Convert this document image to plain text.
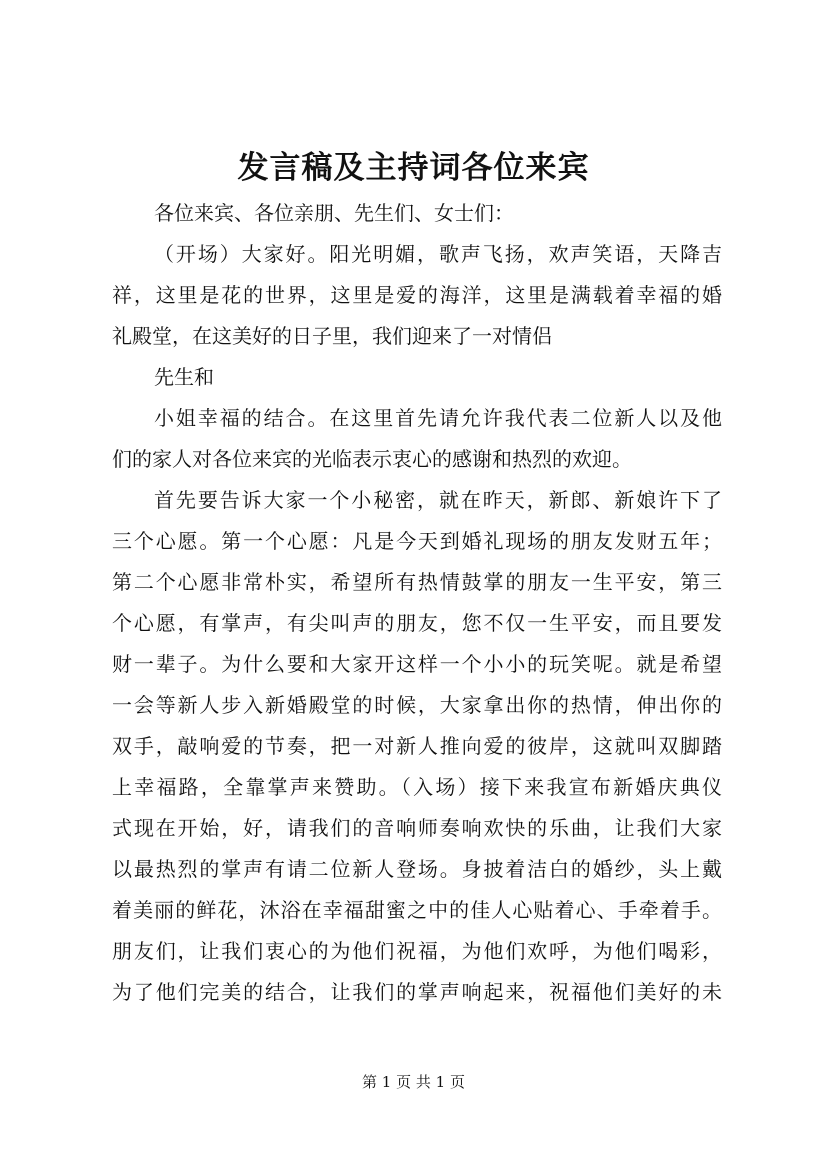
发言稿及主持词各位来宾
各位来宾、各位亲朋、先生们、女士们：
（开场）大家好。阳光明媚，歌声飞扬，欢声笑语，天降吉
祥，这里是花的世界，这里是爱的海洋，这里是满载着幸福的婚
礼殿堂，在这美好的日子里，我们迎来了一对情侣
先生和
小姐幸福的结合。在这里首先请允许我代表二位新人以及他
们的家人对各位来宾的光临表示衷心的感谢和热烈的欢迎。
首先要告诉大家一个小秘密，就在昨天，新郎、新娘许下了
三个心愿。第一个心愿：凡是今天到婚礼现场的朋友发财五年；
第二个心愿非常朴实，希望所有热情鼓掌的朋友一生平安，第三
个心愿，有掌声，有尖叫声的朋友，您不仅一生平安，而且要发
财一辈子。为什么要和大家开这样一个小小的玩笑呢。就是希望
一会等新人步入新婚殿堂的时候，大家拿出你的热情，伸出你的
双手，敲响爱的节奏，把一对新人推向爱的彼岸，这就叫双脚踏
上幸福路，全靠掌声来赞助。（入场）接下来我宣布新婚庆典仪
式现在开始，好，请我们的音响师奏响欢快的乐曲，让我们大家
以最热烈的掌声有请二位新人登场。身披着洁白的婚纱，头上戴
着美丽的鲜花，沐浴在幸福甜蜜之中的佳人心贴着心、手牵着手。
朋友们，让我们衷心的为他们祝福，为他们欢呼，为他们喝彩，
为了他们完美的结合，让我们的掌声响起来，祝福他们美好的未
第 1 页 共 1 页
